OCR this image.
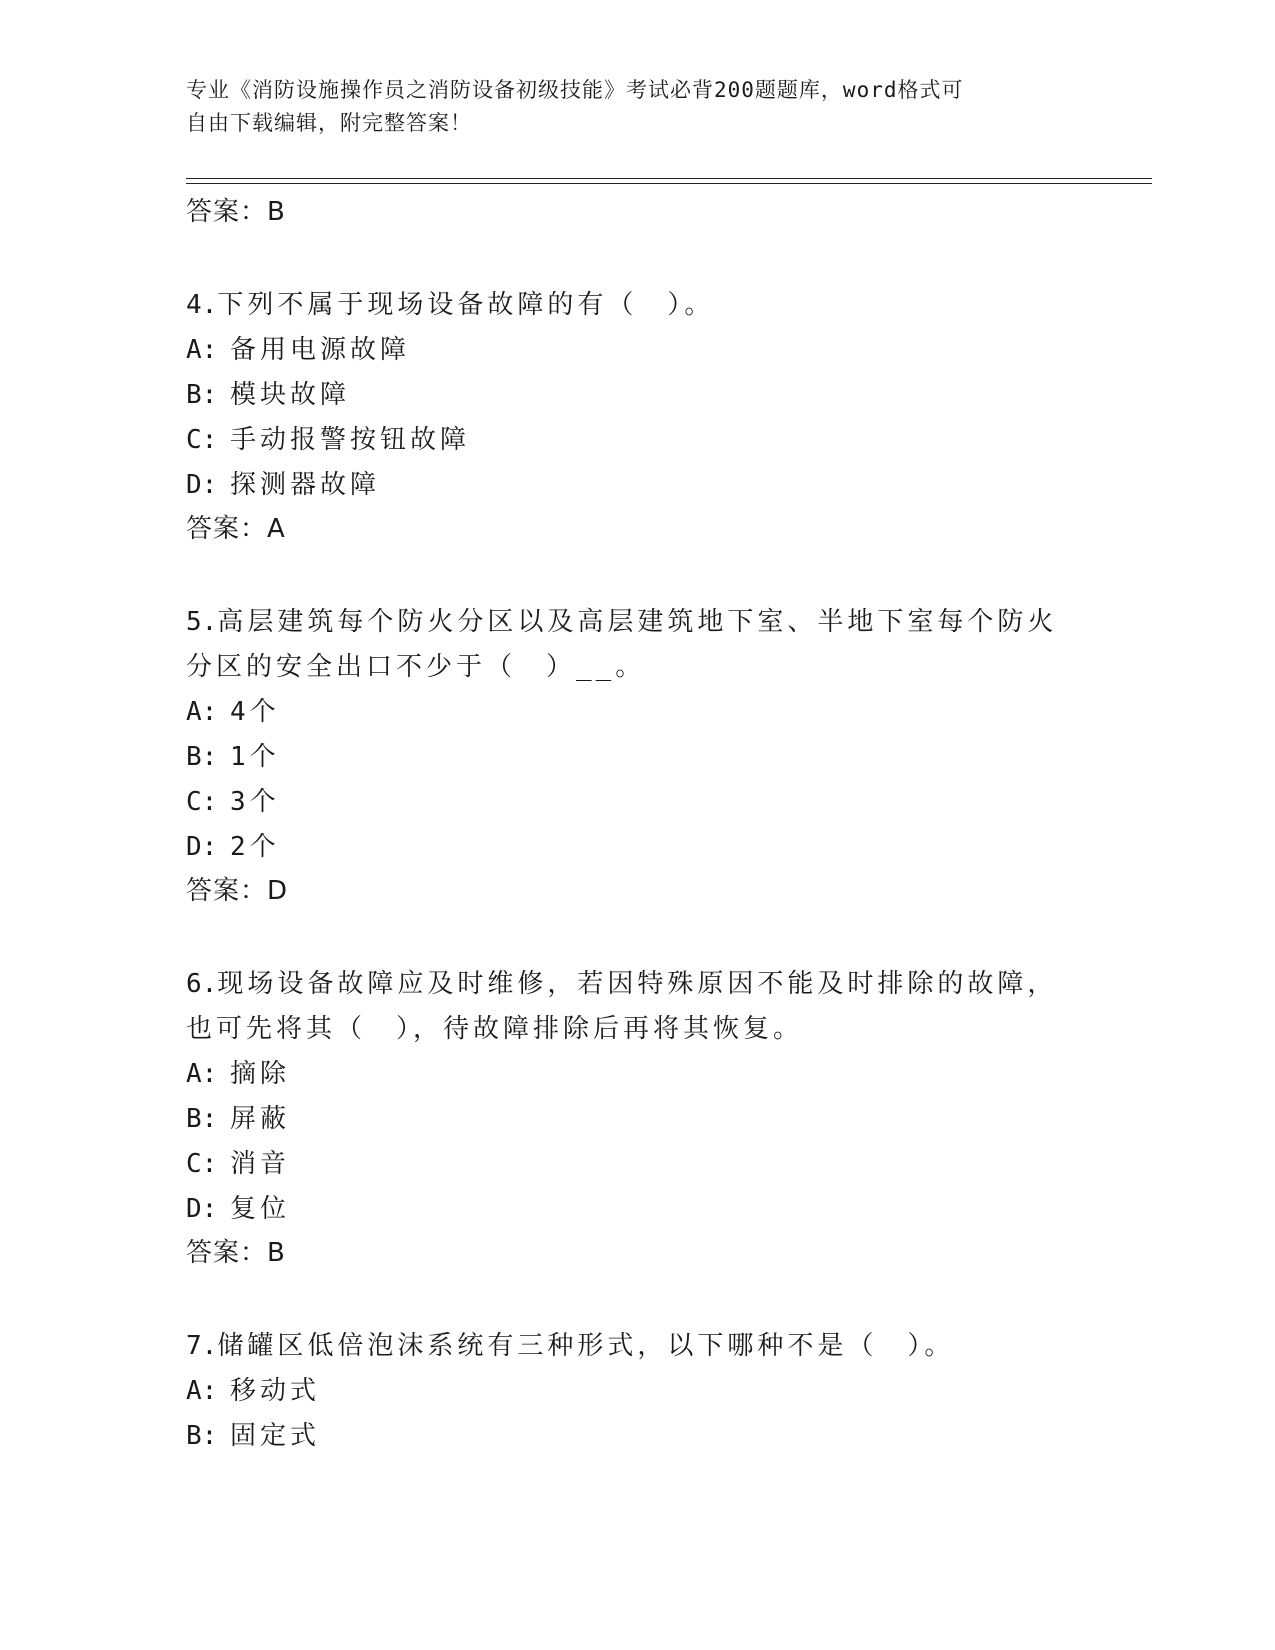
专业《消防设施操作员之消防设备初级技能》考试必背200题题库，word格式可
自由下载编辑，附完整答案！
答案：B
4.下列不属于现场设备故障的有（　）。
A: 备用电源故障
B: 模块故障
C: 手动报警按钮故障
D: 探测器故障
答案：A
5.高层建筑每个防火分区以及高层建筑地下室、半地下室每个防火分区的安全出口不少于（　）__。
A: 4个
B: 1个
C: 3个
D: 2个
答案：D
6.现场设备故障应及时维修，若因特殊原因不能及时排除的故障，也可先将其（　），待故障排除后再将其恢复。
A: 摘除
B: 屏蔽
C: 消音
D: 复位
答案：B
7.储罐区低倍泡沫系统有三种形式，以下哪种不是（　）。
A: 移动式
B: 固定式
